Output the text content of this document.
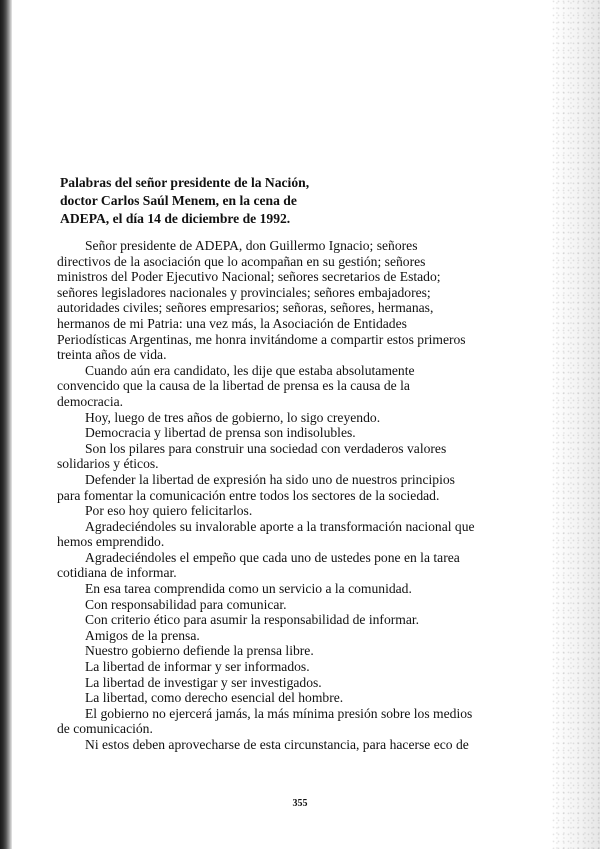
Palabras del señor presidente de la Nación,
doctor Carlos Saúl Menem, en la cena de
ADEPA, el día 14 de diciembre de 1992.
Señor presidente de ADEPA, don Guillermo Ignacio; señores
directivos de la asociación que lo acompañan en su gestión; señores
ministros del Poder Ejecutivo Nacional; señores secretarios de Estado;
señores legisladores nacionales y provinciales; señores embajadores;
autoridades civiles; señores empresarios; señoras, señores, hermanas,
hermanos de mi Patria: una vez más, la Asociación de Entidades
Periodísticas Argentinas, me honra invitándome a compartir estos primeros
treinta años de vida.
Cuando aún era candidato, les dije que estaba absolutamente
convencido que la causa de la libertad de prensa es la causa de la
democracia.
Hoy, luego de tres años de gobierno, lo sigo creyendo.
Democracia y libertad de prensa son indisolubles.
Son los pilares para construir una sociedad con verdaderos valores
solidarios y éticos.
Defender la libertad de expresión ha sido uno de nuestros principios
para fomentar la comunicación entre todos los sectores de la sociedad.
Por eso hoy quiero felicitarlos.
Agradeciéndoles su invalorable aporte a la transformación nacional que
hemos emprendido.
Agradeciéndoles el empeño que cada uno de ustedes pone en la tarea
cotidiana de informar.
En esa tarea comprendida como un servicio a la comunidad.
Con responsabilidad para comunicar.
Con criterio ético para asumir la responsabilidad de informar.
Amigos de la prensa.
Nuestro gobierno defiende la prensa libre.
La libertad de informar y ser informados.
La libertad de investigar y ser investigados.
La libertad, como derecho esencial del hombre.
El gobierno no ejercerá jamás, la más mínima presión sobre los medios
de comunicación.
Ni estos deben aprovecharse de esta circunstancia, para hacerse eco de
355
